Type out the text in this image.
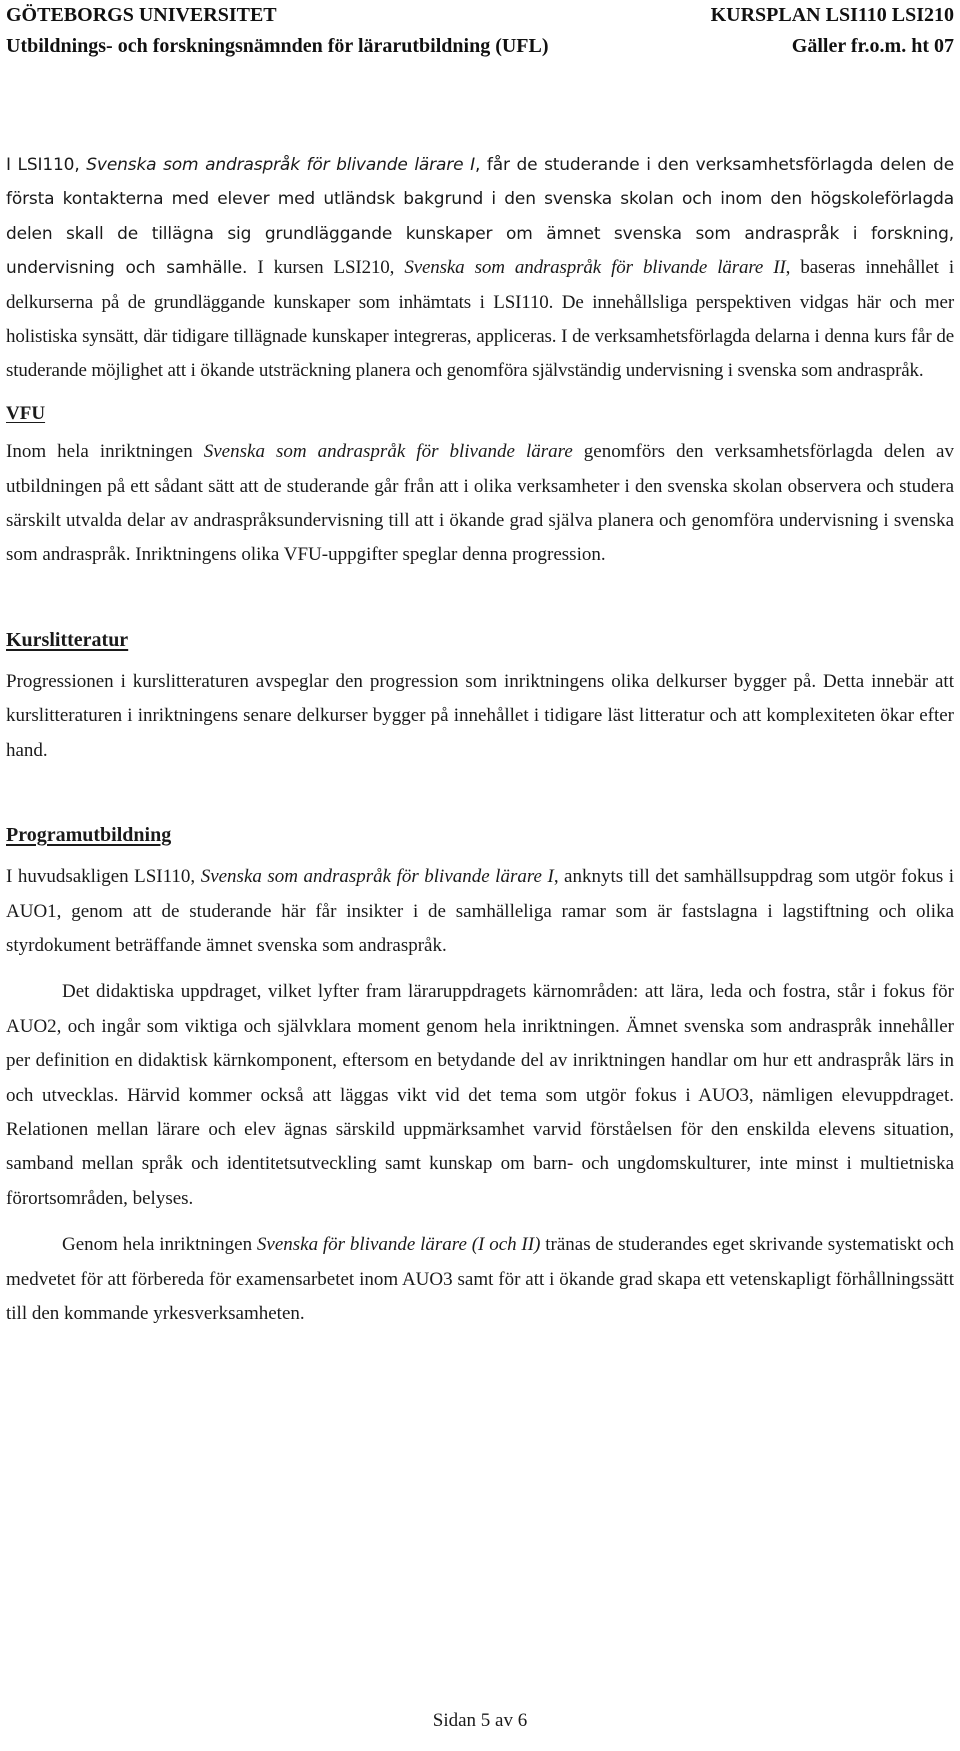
GÖTEBORGS UNIVERSITET	KURSPLAN LSI110 LSI210
Utbildnings- och forskningsnämnden för lärarutbildning (UFL)	Gäller fr.o.m. ht 07

I LSI110, Svenska som andraspråk för blivande lärare I, får de studerande i den verksamhetsförlagda delen de första kontakterna med elever med utländsk bakgrund i den svenska skolan och inom den högskoleförlagda delen skall de tillägna sig grundläggande kunskaper om ämnet svenska som andraspråk i forskning, undervisning och samhälle. I kursen LSI210, Svenska som andraspråk för blivande lärare II, baseras innehållet i delkurserna på de grundläggande kunskaper som inhämtats i LSI110. De innehållsliga perspektiven vidgas här och mer holistiska synsätt, där tidigare tillägnade kunskaper integreras, appliceras. I de verksamhetsförlagda delarna i denna kurs får de studerande möjlighet att i ökande utsträckning planera och genomföra självständig undervisning i svenska som andraspråk.

VFU

Inom hela inriktningen Svenska som andraspråk för blivande lärare genomförs den verksamhetsförlagda delen av utbildningen på ett sådant sätt att de studerande går från att i olika verksamheter i den svenska skolan observera och studera särskilt utvalda delar av andraspråksundervisning till att i ökande grad själva planera och genomföra undervisning i svenska som andraspråk. Inriktningens olika VFU-uppgifter speglar denna progression.

Kurslitteratur

Progressionen i kurslitteraturen avspeglar den progression som inriktningens olika delkurser bygger på. Detta innebär att kurslitteraturen i inriktningens senare delkurser bygger på innehållet i tidigare läst litteratur och att komplexiteten ökar efter hand.

Programutbildning

I huvudsakligen LSI110, Svenska som andraspråk för blivande lärare I, anknyts till det samhällsuppdrag som utgör fokus i AUO1, genom att de studerande här får insikter i de samhälleliga ramar som är fastslagna i lagstiftning och olika styrdokument beträffande ämnet svenska som andraspråk.

Det didaktiska uppdraget, vilket lyfter fram läraruppdragets kärnområden: att lära, leda och fostra, står i fokus för AUO2, och ingår som viktiga och självklara moment genom hela inriktningen. Ämnet svenska som andraspråk innehåller per definition en didaktisk kärnkomponent, eftersom en betydande del av inriktningen handlar om hur ett andraspråk lärs in och utvecklas. Härvid kommer också att läggas vikt vid det tema som utgör fokus i AUO3, nämligen elevuppdraget. Relationen mellan lärare och elev ägnas särskild uppmärksamhet varvid förståelsen för den enskilda elevens situation, samband mellan språk och identitetsutveckling samt kunskap om barn- och ungdomskulturer, inte minst i multietniska förortsområden, belyses.

Genom hela inriktningen Svenska för blivande lärare (I och II) tränas de studerandes eget skrivande systematiskt och medvetet för att förbereda för examensarbetet inom AUO3 samt för att i ökande grad skapa ett vetenskapligt förhållningssätt till den kommande yrkesverksamheten.

Sidan 5 av 6
